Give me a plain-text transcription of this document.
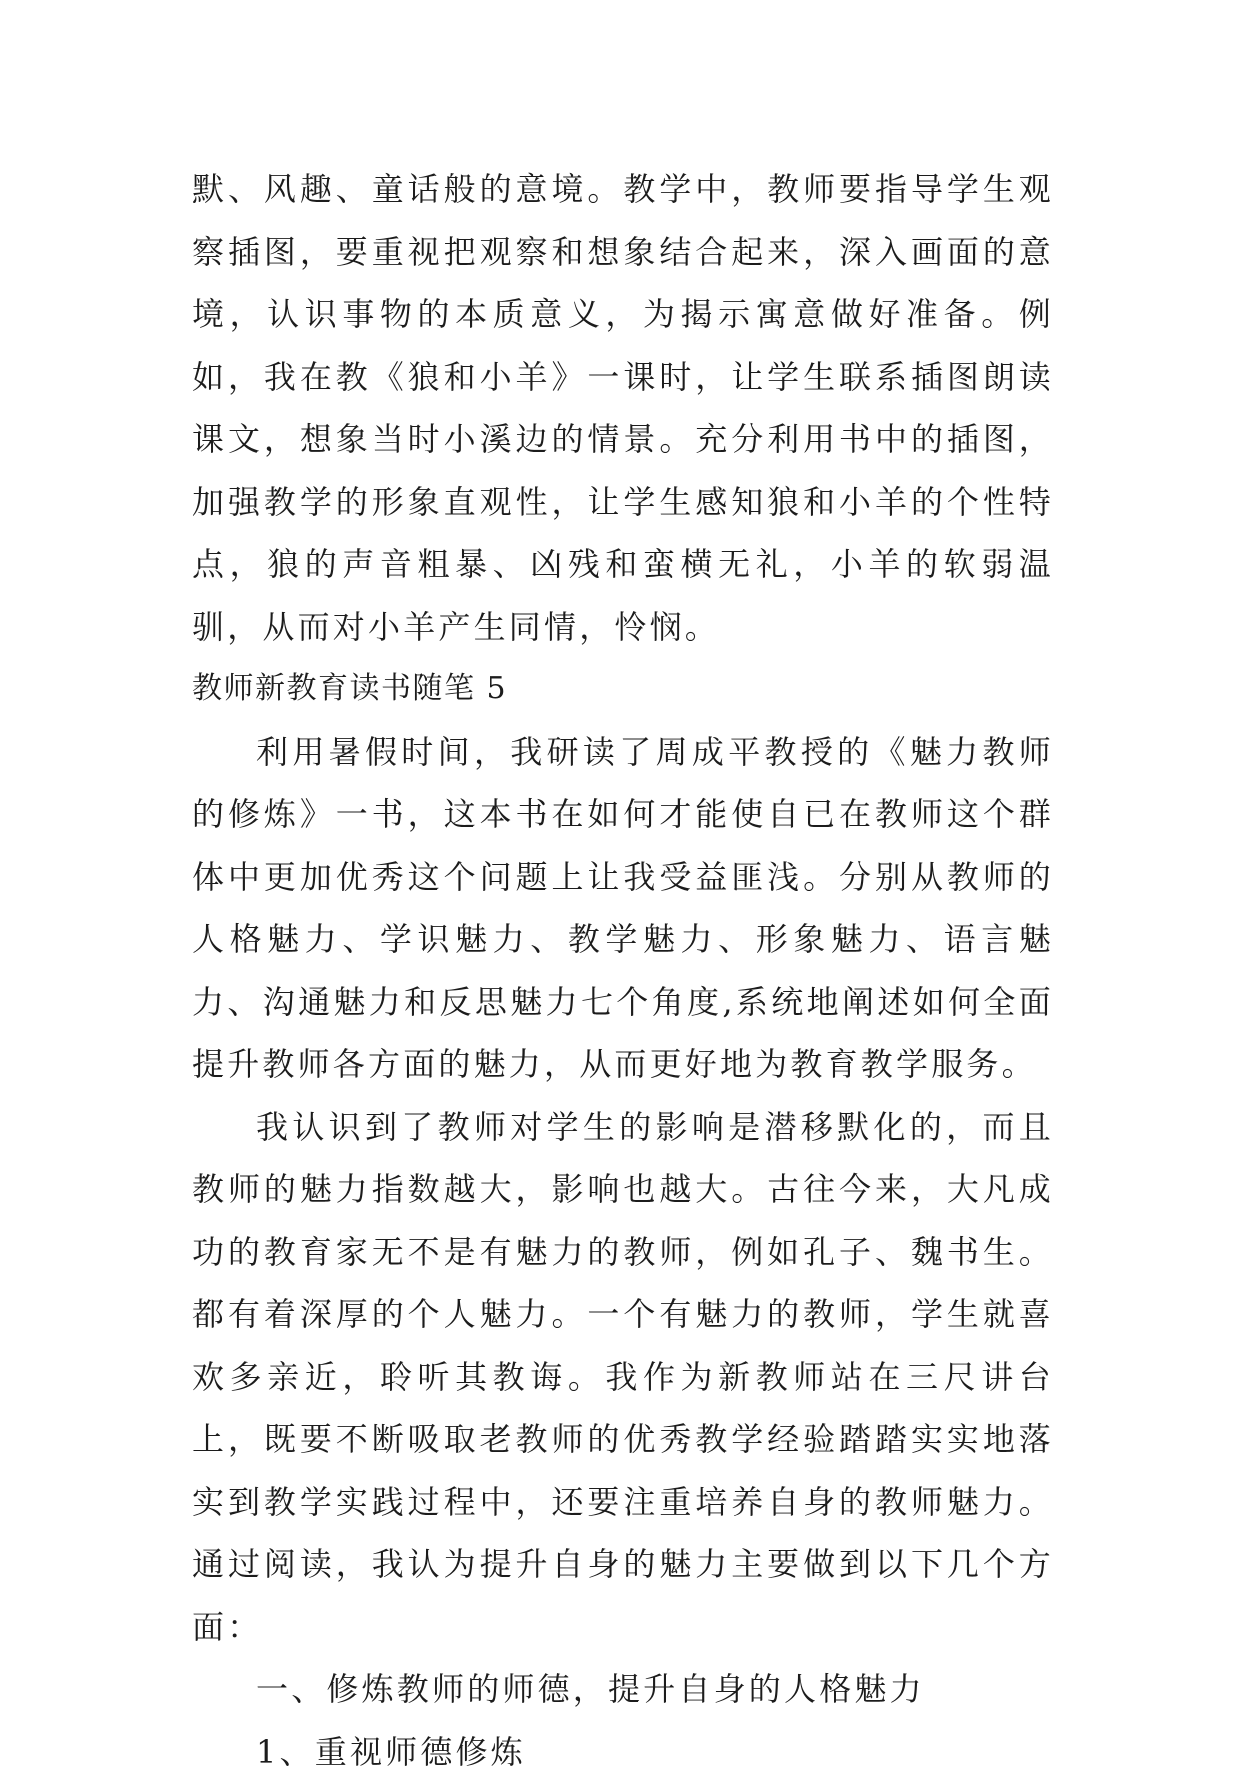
默、风趣、童话般的意境。教学中，教师要指导学生观察插图，要重视把观察和想象结合起来，深入画面的意境，认识事物的本质意义，为揭示寓意做好准备。例如，我在教《狼和小羊》一课时，让学生联系插图朗读课文，想象当时小溪边的情景。充分利用书中的插图，加强教学的形象直观性，让学生感知狼和小羊的个性特点，狼的声音粗暴、凶残和蛮横无礼，小羊的软弱温驯，从而对小羊产生同情，怜悯。

教师新教育读书随笔 5

利用暑假时间，我研读了周成平教授的《魅力教师的修炼》一书，这本书在如何才能使自已在教师这个群体中更加优秀这个问题上让我受益匪浅。分别从教师的人格魅力、学识魅力、教学魅力、形象魅力、语言魅力、沟通魅力和反思魅力七个角度,系统地阐述如何全面提升教师各方面的魅力，从而更好地为教育教学服务。

我认识到了教师对学生的影响是潜移默化的，而且教师的魅力指数越大，影响也越大。古往今来，大凡成功的教育家无不是有魅力的教师，例如孔子、魏书生。都有着深厚的个人魅力。一个有魅力的教师，学生就喜欢多亲近，聆听其教诲。我作为新教师站在三尺讲台上，既要不断吸取老教师的优秀教学经验踏踏实实地落实到教学实践过程中，还要注重培养自身的教师魅力。通过阅读，我认为提升自身的魅力主要做到以下几个方面：

一、修炼教师的师德，提升自身的人格魅力

1、重视师德修炼
